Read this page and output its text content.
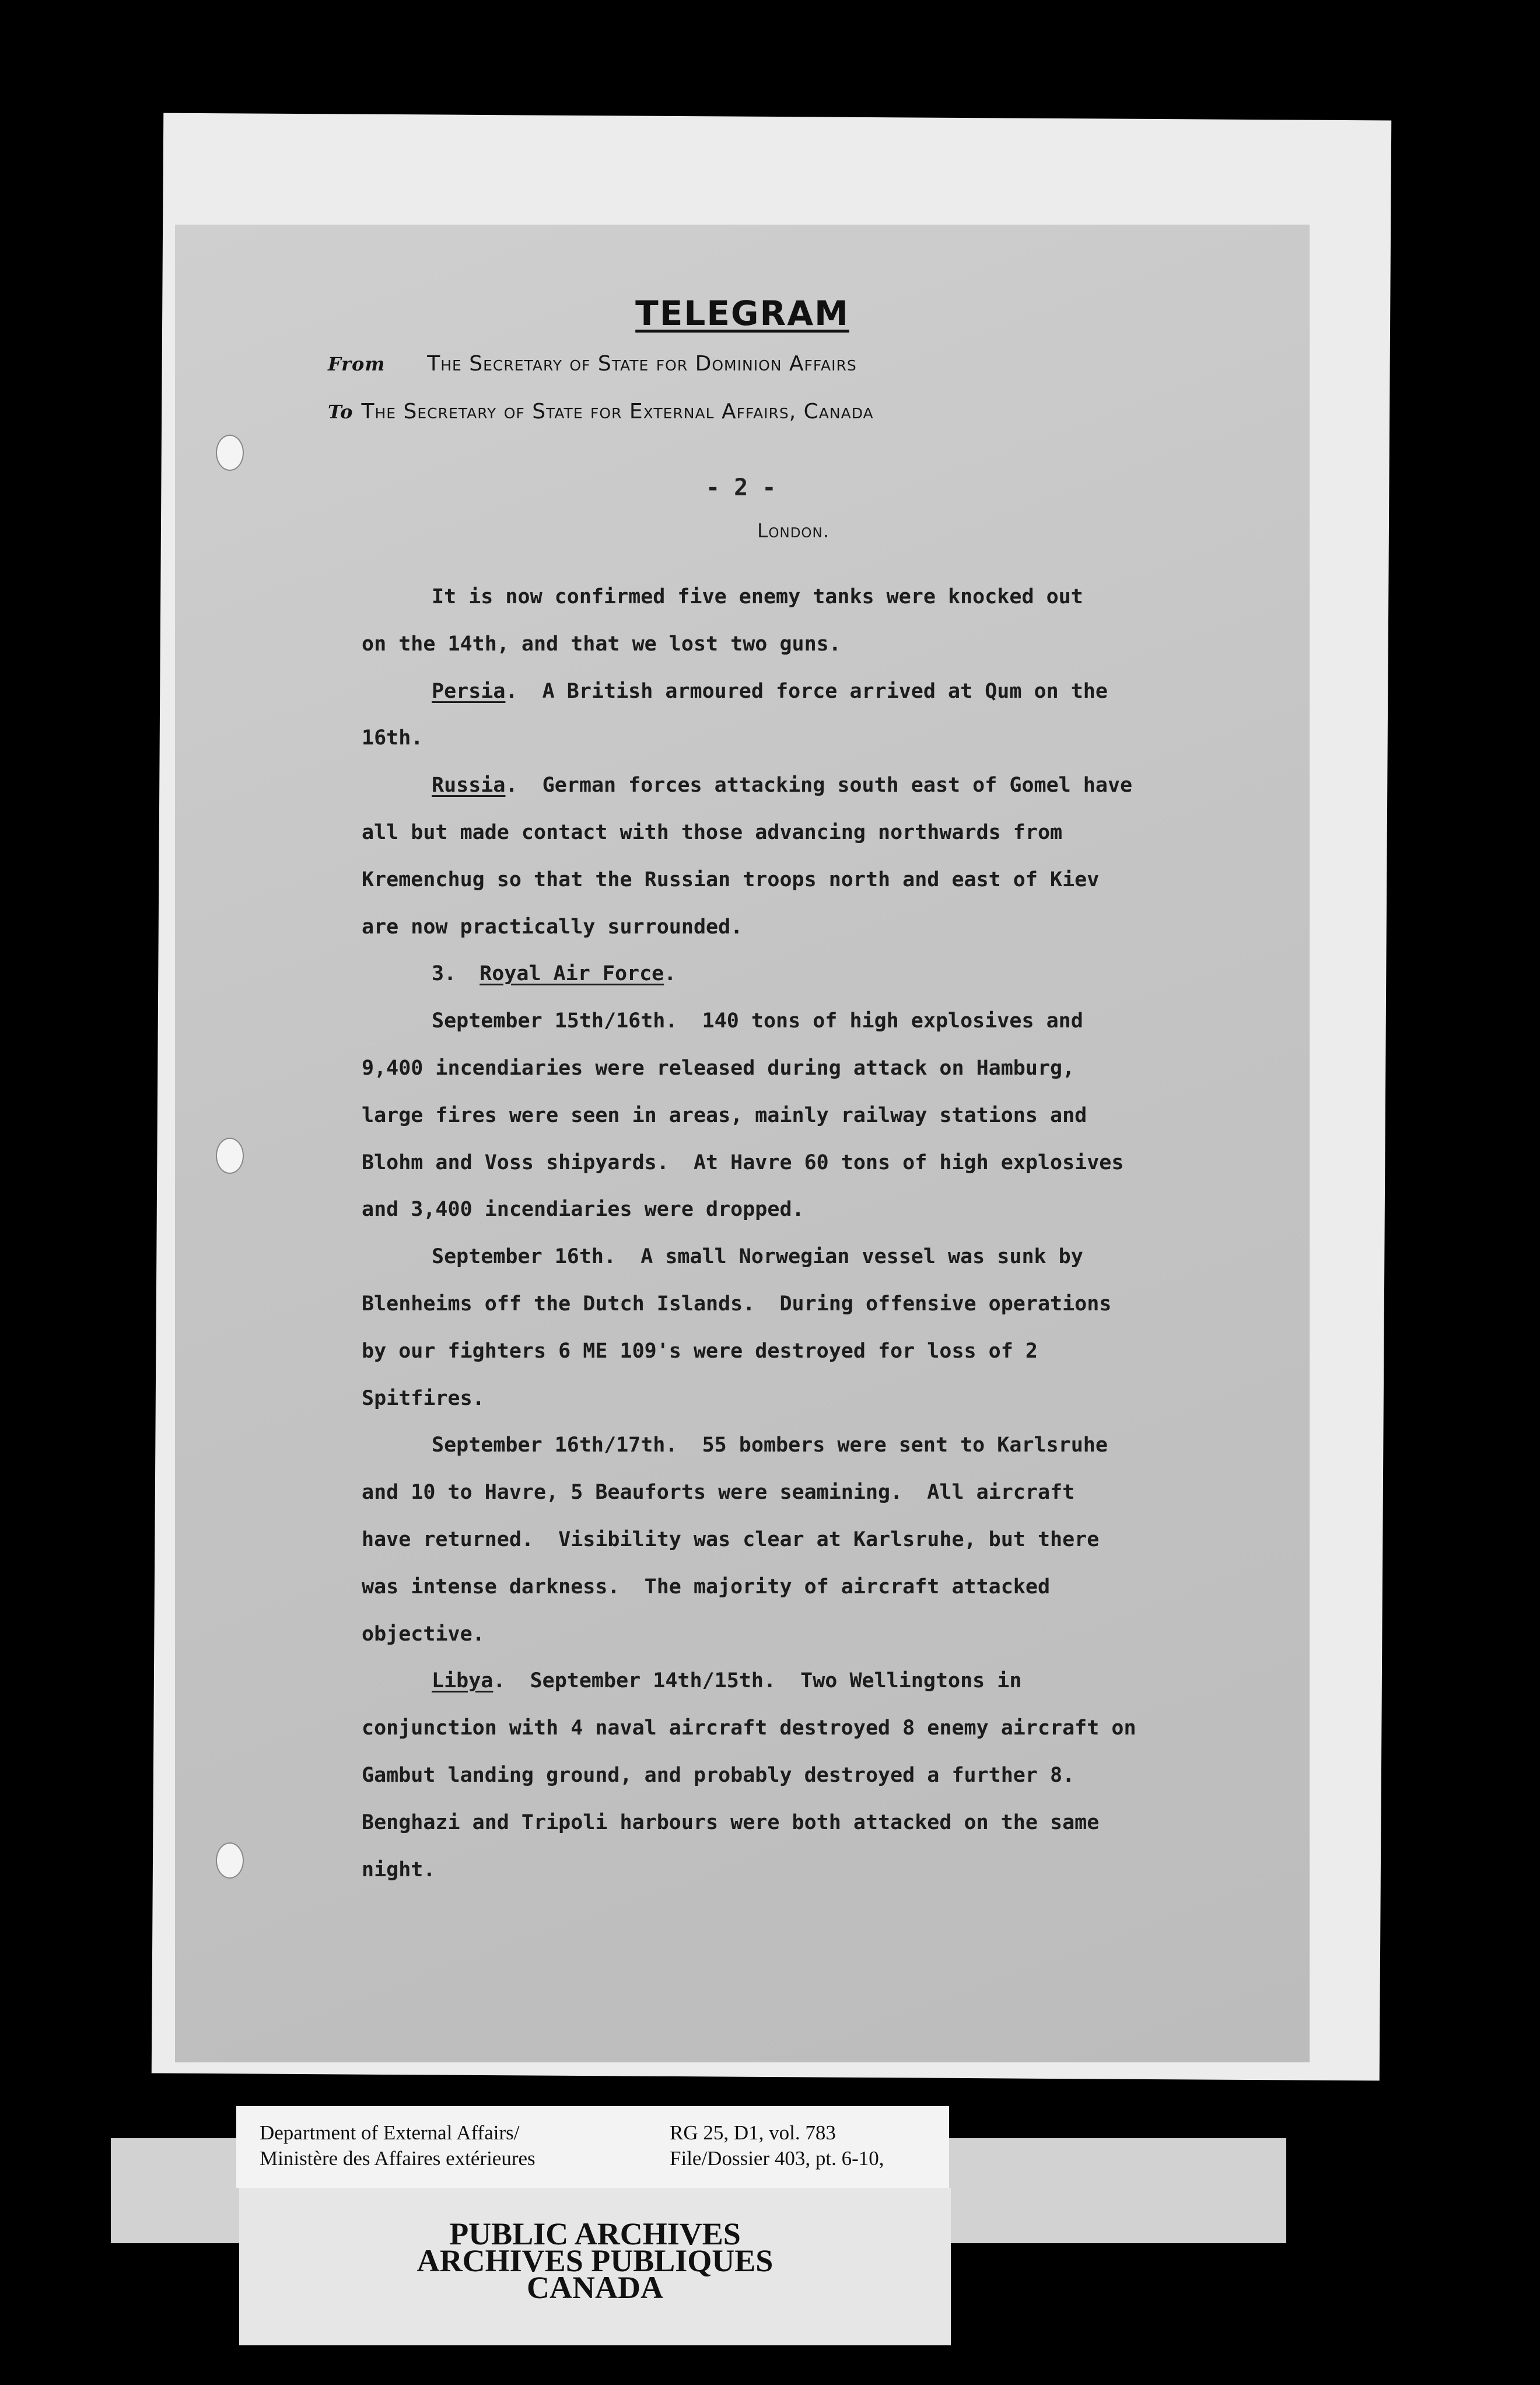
TELEGRAM
From The Secretary of State for Dominion Affairs
To The Secretary of State for External Affairs, Canada
- 2 -
London.

It is now confirmed five enemy tanks were knocked out

on the 14th, and that we lost two guns.

Persia.  A British armoured force arrived at Qum on the

16th.

Russia.  German forces attacking south east of Gomel have

all but made contact with those advancing northwards from

Kremenchug so that the Russian troops north and east of Kiev

are now practically surrounded.

3. Royal Air Force.

September 15th/16th.  140 tons of high explosives and

9,400 incendiaries were released during attack on Hamburg,

large fires were seen in areas, mainly railway stations and

Blohm and Voss shipyards.  At Havre 60 tons of high explosives

and 3,400 incendiaries were dropped.

September 16th.  A small Norwegian vessel was sunk by

Blenheims off the Dutch Islands.  During offensive operations

by our fighters 6 ME 109's were destroyed for loss of 2

Spitfires.

September 16th/17th.  55 bombers were sent to Karlsruhe

and 10 to Havre, 5 Beauforts were seamining.  All aircraft

have returned.  Visibility was clear at Karlsruhe, but there

was intense darkness.  The majority of aircraft attacked

objective.

Libya.  September 14th/15th.  Two Wellingtons in

conjunction with 4 naval aircraft destroyed 8 enemy aircraft on

Gambut landing ground, and probably destroyed a further 8.

Benghazi and Tripoli harbours were both attacked on the same

night.

PUBLIC ARCHIVES
ARCHIVES PUBLIQUES
CANADA
Department of External Affairs/
Ministère des Affaires extérieures
RG 25, D1, vol. 783
File/Dossier 403, pt. 6-10,
